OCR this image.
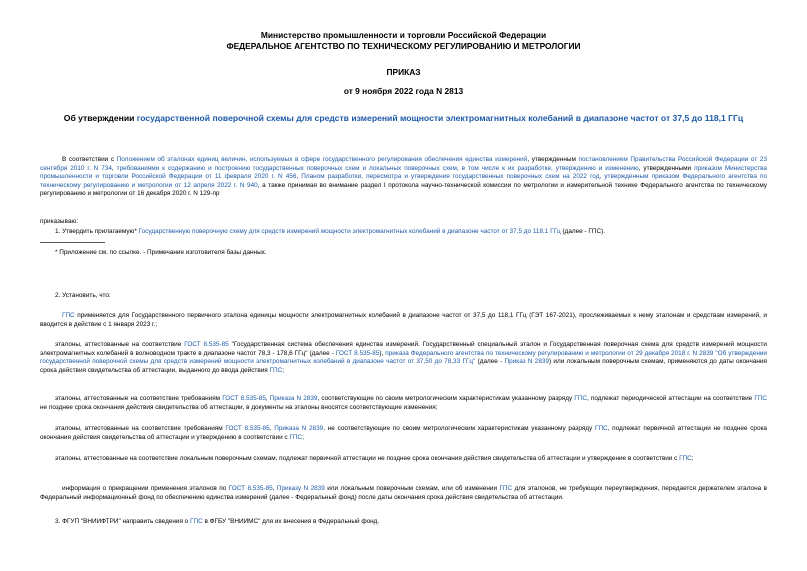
Министерство промышленности и торговли Российской Федерации
ФЕДЕРАЛЬНОЕ АГЕНТСТВО ПО ТЕХНИЧЕСКОМУ РЕГУЛИРОВАНИЮ И МЕТРОЛОГИИ
ПРИКАЗ
от 9 ноября 2022 года N 2813
Об утверждении государственной поверочной схемы для средств измерений мощности электромагнитных колебаний в диапазоне частот от 37,5 до 118,1 ГГц
В соответствии с Положением об эталонах единиц величин, используемых в сфере государственного регулирования обеспечения единства измерений, утвержденным постановлением Правительства Российской Федерации от 23 сентября 2010 г. N 734, требованиями к содержанию и построению государственных поверочных схем и локальных поверочных схем, в том числе к их разработке, утверждению и изменению, утвержденными приказом Министерства промышленности и торговли Российской Федерации от 11 февраля 2020 г. N 456, Планом разработки, пересмотра и утверждения государственных поверочных схем на 2022 год, утвержденным приказом Федерального агентства по техническому регулированию и метрологии от 12 апреля 2022 г. N 940, а также принимая во внимание раздел I протокола научно-технической комиссии по метрологии и измерительной технике Федерального агентства по техническому регулированию и метрологии от 16 декабря 2020 г. N 129-пр
приказываю:
1. Утвердить прилагаемую* Государственную поверочную схему для средств измерений мощности электромагнитных колебаний в диапазоне частот от 37,5 до 118,1 ГГц (далее - ГПС).
* Приложение см. по ссылке. - Примечание изготовителя базы данных.
2. Установить, что:
ГПС применяется для Государственного первичного эталона единицы мощности электромагнитных колебаний в диапазоне частот от 37,5 до 118,1 ГГц (ГЭТ 167-2021), прослеживаемых к нему эталонам и средствам измерений, и вводится в действие с 1 января 2023 г.;
эталоны, аттестованные на соответствие ГОСТ 8.535-85 "Государственная система обеспечения единства измерений. Государственный специальный эталон и Государственная поверочная схема для средств измерений мощности электромагнитных колебаний в волноводном тракте в диапазоне частот 78,3 - 178,6 ГГц" (далее - ГОСТ 8.535-85), приказа Федерального агентства по техническому регулированию и метрологии от 29 декабря 2018 г. N 2839 "Об утверждении государственной поверочной схемы для средств измерений мощности электромагнитных колебаний в диапазоне частот от 37,50 до 78,33 ГГц" (далее - Приказ N 2839) или локальным поверочным схемам, применяются до даты окончания срока действия свидетельства об аттестации, выданного до ввода действия ГПС;
эталоны, аттестованные на соответствие требованиям ГОСТ 8.535-85, Приказа N 2839, соответствующие по своим метрологическим характеристикам указанному разряду ГПС, подлежат периодической аттестации на соответствие ГПС не позднее срока окончания действия свидетельства об аттестации, в документы на эталоны вносятся соответствующие изменения;
эталоны, аттестованные на соответствие требованиям ГОСТ 8.535-85, Приказа N 2839, не соответствующие по своим метрологическим характеристикам указанному разряду ГПС, подлежат первичной аттестации не позднее срока окончания действия свидетельства об аттестации и утверждению в соответствии с ГПС;
эталоны, аттестованные на соответствие локальным поверочным схемам, подлежат первичной аттестации не позднее срока окончания действия свидетельства об аттестации и утверждение в соответствии с ГПС;
информация о прекращении применения эталонов по ГОСТ 8.535-85, Приказу N 2839 или локальным поверочным схемам, или об изменении ГПС для эталонов, не требующих переутверждения, передается держателем эталона в Федеральный информационный фонд по обеспечению единства измерений (далее - Федеральный фонд) после даты окончания срока действия свидетельства об аттестации.
3. ФГУП "ВНИИФТРИ" направить сведения о ГПС в ФГБУ "ВНИИМС" для их внесения в Федеральный фонд.
